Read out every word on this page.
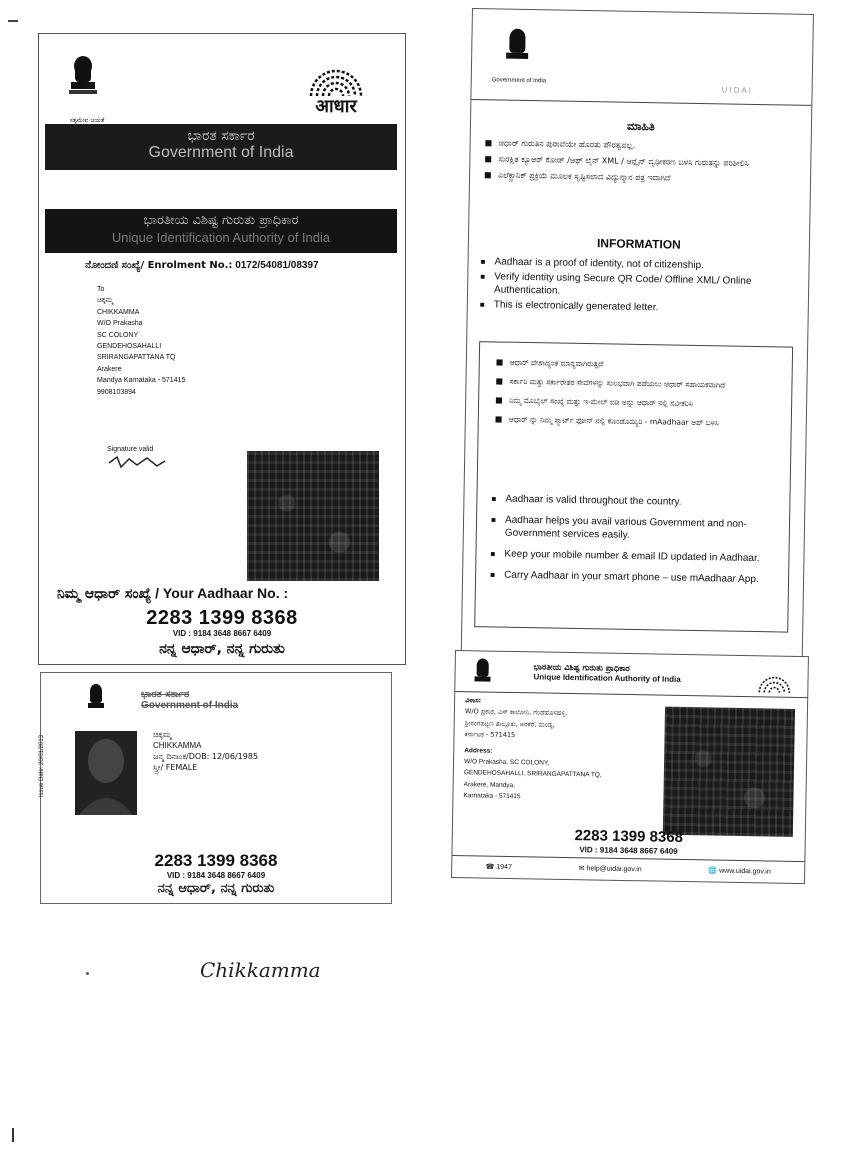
ಸತ್ಯಮೇವ ಜಯತೆ
आधार
ಭಾರತ ಸರ್ಕಾರ
Government of India
ಭಾರತೀಯ ವಿಶಿಷ್ಟ ಗುರುತು ಪ್ರಾಧಿಕಾರ
Unique Identification Authority of India
ನೋಂದಣಿ ಸಂಖ್ಯೆ/ Enrolment No.: 0172/54081/08397
To
ಚಿಕ್ಕಮ್ಮ
CHIKKAMMA
W/O Prakasha
SC COLONY
GENDEHOSAHALLI
SRIRANGAPATTANA TQ
Arakere
Mandya Karnataka - 571415
9908103894
Signature valid
ನಿಮ್ಮ ಆಧಾರ್ ಸಂಖ್ಯೆ / Your Aadhaar No. :
2283 1399 8368
VID : 9184 3648 8667 6409
ನನ್ನ ಆಧಾರ್, ನನ್ನ ಗುರುತು
ಭಾರತ ಸರ್ಕಾರ
Government of India
Issue Date: 20/01/2013
ಚಿಕ್ಕಮ್ಮ
CHIKKAMMA
ಜನ್ಮ ದಿನಾಂಕ/DOB: 12/06/1985
ಸ್ತ್ರೀ/ FEMALE
2283 1399 8368
VID : 9184 3648 8667 6409
ನನ್ನ ಆಧಾರ್, ನನ್ನ ಗುರುತು
Government of India
UIDAI
ಮಾಹಿತಿ
■ ಆಧಾರ್ ಗುರುತಿನ ಪುರಾವೆಯೇ ಹೊರತು ಪೌರತ್ವವಲ್ಲ.
■ ಸುರಕ್ಷಿತ ಕ್ಯೂಆರ್ ಕೋಡ್ /ಆಫ್ ಲೈನ್ XML / ಆನ್ಲೈನ್ ದೃಢೀಕರಣ ಬಳಸಿ ಗುರುತನ್ನು ಪರಿಶೀಲಿಸಿ
■ ಎಲೆಕ್ಟ್ರಾನಿಕ್ ಪ್ರಕ್ರಿಯೆ ಮೂಲಕ ಸೃಷ್ಟಿಸಲಾದ ವಿದ್ಯುನ್ಮಾನ ಪತ್ರ ಇದಾಗಿದೆ
INFORMATION
■ Aadhaar is a proof of identity, not of citizenship.
■ Verify identity using Secure QR Code/ Offline XML/ Online Authentication.
■ This is electronically generated letter.
■ ಆಧಾರ್ ದೇಶಾದ್ಯಂತ ಮಾನ್ಯವಾಗಿರುತ್ತದೆ
■ ಸರ್ಕಾರಿ ಮತ್ತು ಸರ್ಕಾರೇತರ ಸೇವೆಗಳನ್ನು ಸುಲಭವಾಗಿ ಪಡೆಯಲು ಆಧಾರ್ ಸಹಾಯಕವಾಗಿದೆ
■ ನಿಮ್ಮ ಮೊಬೈಲ್ ಸಂಖ್ಯೆ ಮತ್ತು ಇ-ಮೇಲ್ ಐಡಿ ಅನ್ನು ಆಧಾರ್ ನಲ್ಲಿ ನವೀಕರಿಸಿ
■ ಆಧಾರ್ ನ್ನು ನಿಮ್ಮ ಸ್ಮಾರ್ಟ್ ಫೋನ್ ನಲ್ಲಿ ಕೊಂಡೊಯ್ಯಿರಿ - mAadhaar ಆಪ್ ಬಳಸಿ
■ Aadhaar is valid throughout the country.
■ Aadhaar helps you avail various Government and non-Government services easily.
■ Keep your mobile number & email ID updated in Aadhaar.
■ Carry Aadhaar in your smart phone – use mAadhaar App.
ಭಾರತೀಯ ವಿಶಿಷ್ಟ ಗುರುತು ಪ್ರಾಧಿಕಾರ
Unique Identification Authority of India
ವಿಳಾಸ:
W/O ಪ್ರಕಾಶ, ಎಸ್ ಕಾಲೋನಿ, ಗೆಂಡೆಹೊಸಹಳ್ಳಿ,
ಶ್ರೀರಂಗಪಟ್ಟಣ ತಾಲ್ಲೂಕು, ಅರಕೆರೆ, ಮಂಡ್ಯ,
ಕರ್ನಾಟಕ - 571415
Address:
W/O Prakasha, SC COLONY,
GENDEHOSAHALLI, SRIRANGAPATTANA TQ,
Arakere, Mandya,
Karnataka - 571415
2283 1399 8368
VID : 9184 3648 8667 6409
☎ 1947	✉ help@uidai.gov.in	🌐 www.uidai.gov.in
Chikkamma
